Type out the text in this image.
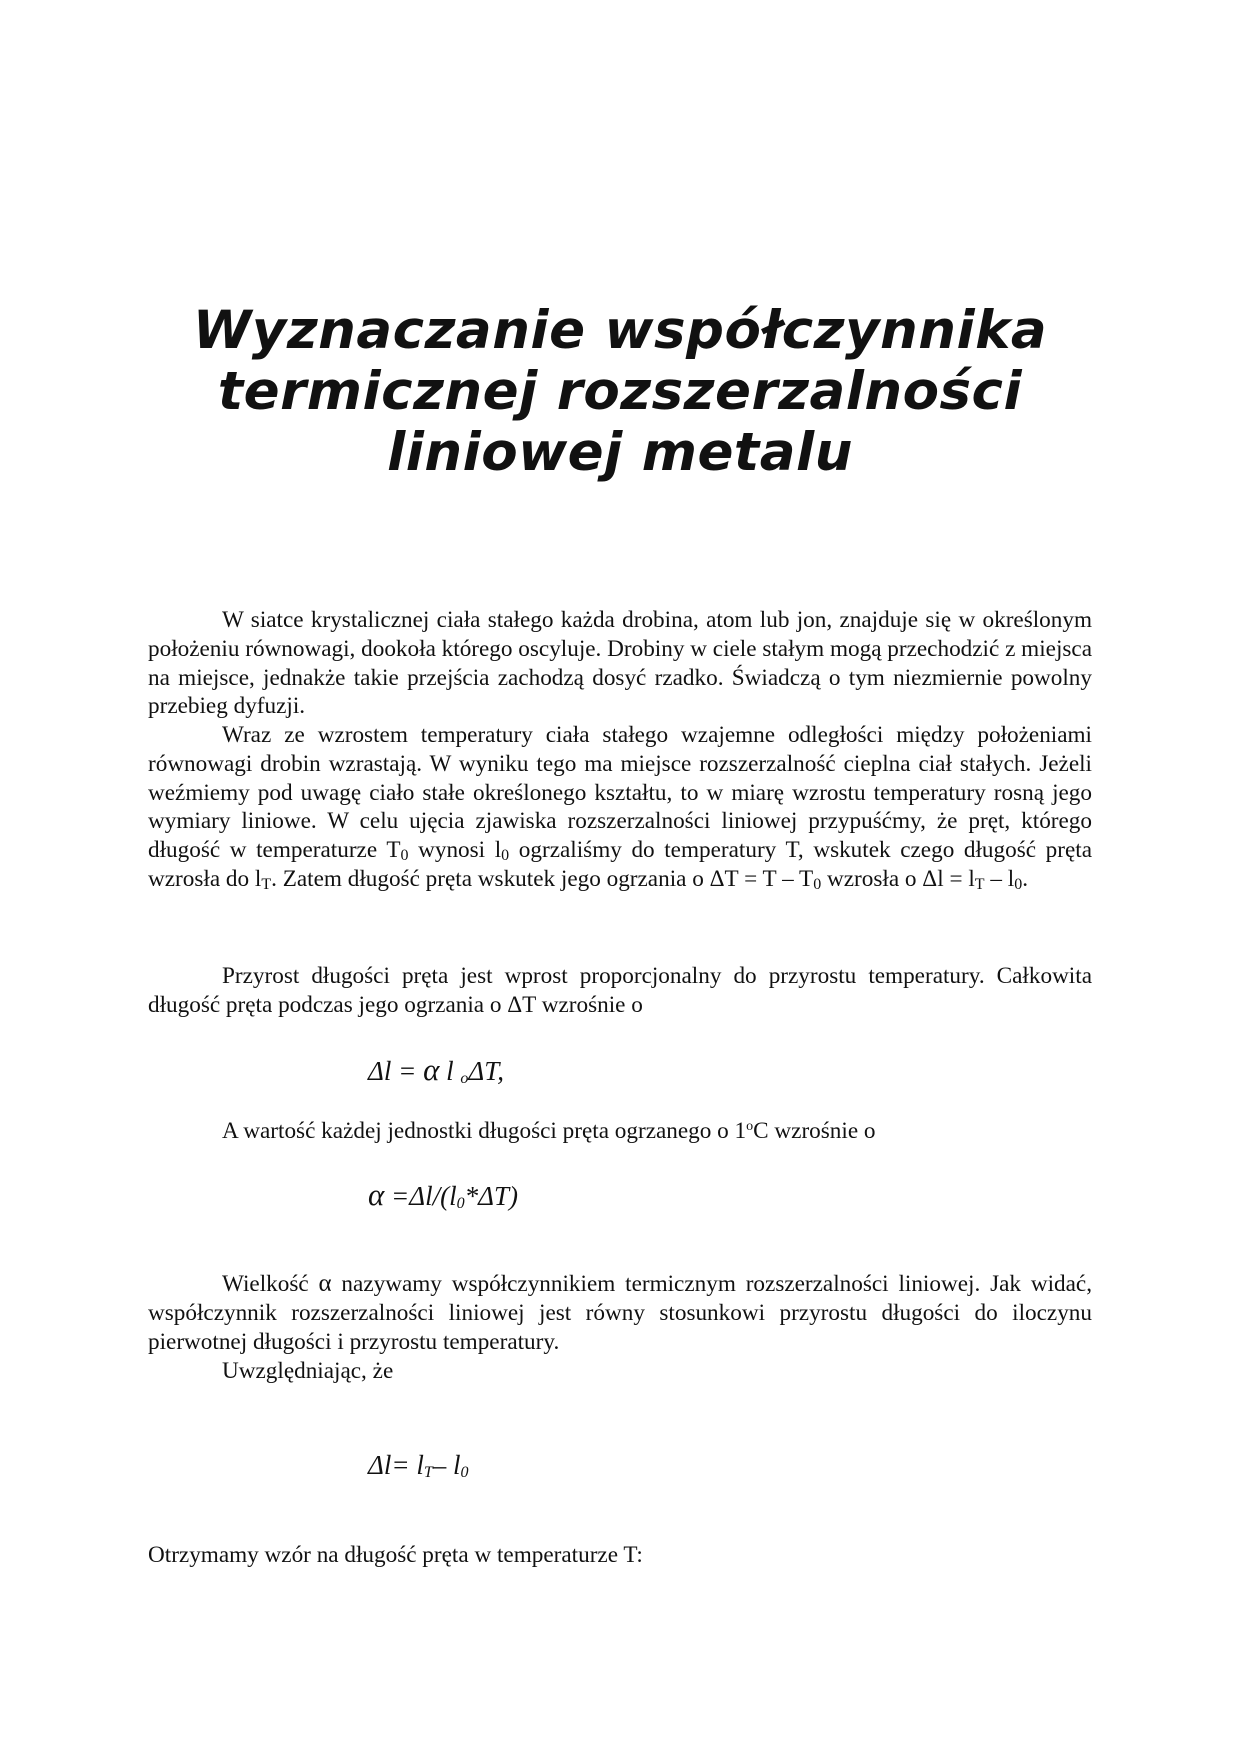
Wyznaczanie współczynnika
termicznej rozszerzalności
liniowej metalu

W siatce krystalicznej ciała stałego każda drobina, atom lub jon, znajduje się w określonym położeniu równowagi, dookoła którego oscyluje. Drobiny w ciele stałym mogą przechodzić z miejsca na miejsce, jednakże takie przejścia zachodzą dosyć rzadko. Świadczą o tym niezmiernie powolny przebieg dyfuzji.

Wraz ze wzrostem temperatury ciała stałego wzajemne odległości między położeniami równowagi drobin wzrastają. W wyniku tego ma miejsce rozszerzalność cieplna ciał stałych. Jeżeli weźmiemy pod uwagę ciało stałe określonego kształtu, to w miarę wzrostu temperatury rosną jego wymiary liniowe. W celu ujęcia zjawiska rozszerzalności liniowej przypuśćmy, że pręt, którego długość w temperaturze $T_0$ wynosi $l_0$ ogrzaliśmy do temperatury T, wskutek czego długość pręta wzrosła do $l_T$. Zatem długość pręta wskutek jego ogrzania o $\Delta T = T - T_0$ wzrosła o $\Delta l = l_T - l_0$.

Przyrost długości pręta jest wprost proporcjonalny do przyrostu temperatury. Całkowita długość pręta podczas jego ogrzania o ΔT wzrośnie o

Δl = α l $_o$ΔT,

A wartość każdej jednostki długości pręta ogrzanego o 1$^o$C wzrośnie o

$\alpha =\Delta l/(l_0*\Delta T)$

Wielkość α nazywamy współczynnikiem termicznym rozszerzalności liniowej. Jak widać, współczynnik rozszerzalności liniowej jest równy stosunkowi przyrostu długości do iloczynu pierwotnej długości i przyrostu temperatury.

Uwzględniając, że

$\Delta l= l_T-$ $l_0$

Otrzymamy wzór na długość pręta w temperaturze T:
